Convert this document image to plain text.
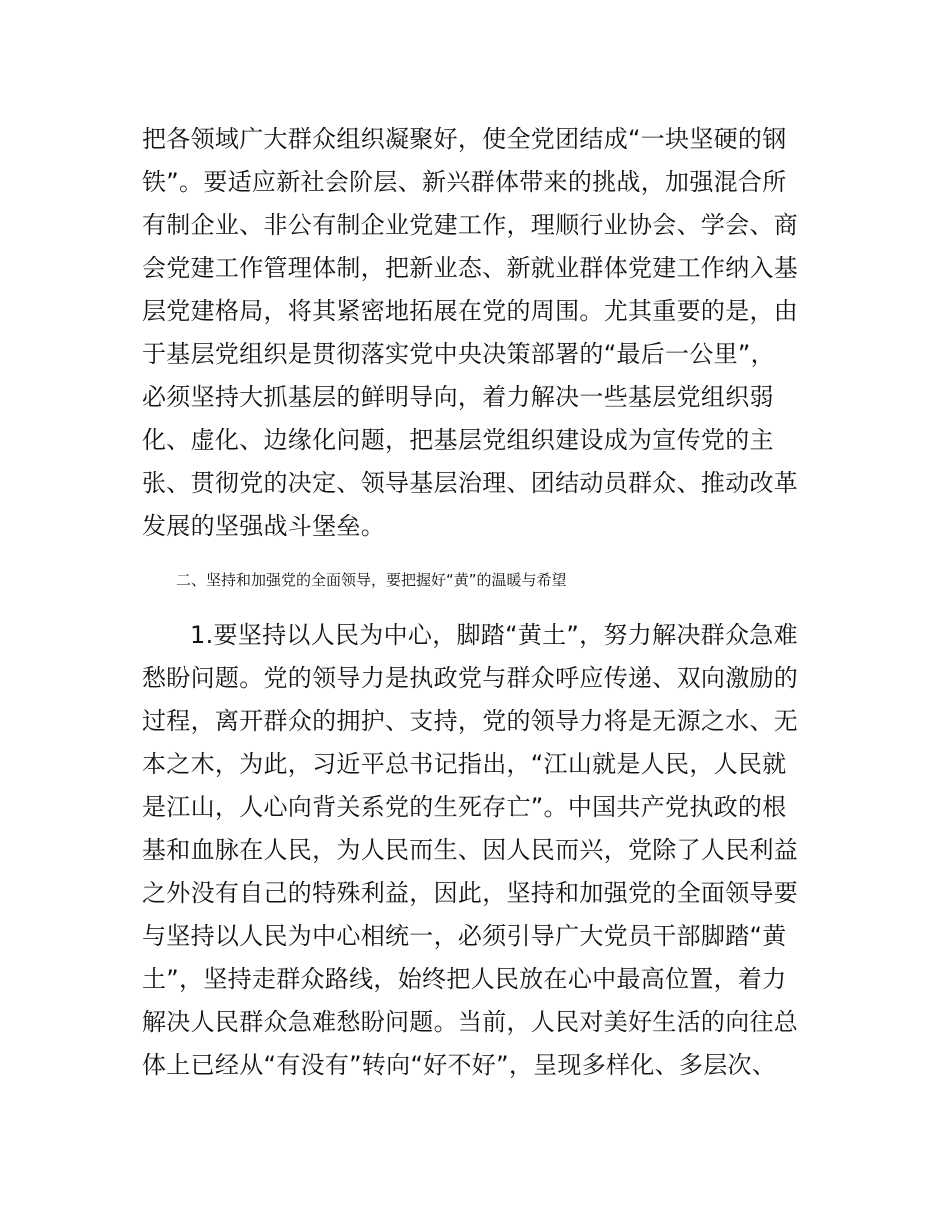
把各领域广大群众组织凝聚好，使全党团结成“一块坚硬的钢
铁”。要适应新社会阶层、新兴群体带来的挑战，加强混合所
有制企业、非公有制企业党建工作，理顺行业协会、学会、商
会党建工作管理体制，把新业态、新就业群体党建工作纳入基
层党建格局，将其紧密地拓展在党的周围。尤其重要的是，由
于基层党组织是贯彻落实党中央决策部署的“最后一公里”，
必须坚持大抓基层的鲜明导向，着力解决一些基层党组织弱
化、虚化、边缘化问题，把基层党组织建设成为宣传党的主
张、贯彻党的决定、领导基层治理、团结动员群众、推动改革
发展的坚强战斗堡垒。
二、坚持和加强党的全面领导，要把握好“黄”的温暖与希望
1.要坚持以人民为中心，脚踏“黄土”，努力解决群众急难
愁盼问题。党的领导力是执政党与群众呼应传递、双向激励的
过程，离开群众的拥护、支持，党的领导力将是无源之水、无
本之木，为此，习近平总书记指出，“江山就是人民，人民就
是江山，人心向背关系党的生死存亡”。中国共产党执政的根
基和血脉在人民，为人民而生、因人民而兴，党除了人民利益
之外没有自己的特殊利益，因此，坚持和加强党的全面领导要
与坚持以人民为中心相统一，必须引导广大党员干部脚踏“黄
土”，坚持走群众路线，始终把人民放在心中最高位置，着力
解决人民群众急难愁盼问题。当前，人民对美好生活的向往总
体上已经从“有没有”转向“好不好”，呈现多样化、多层次、
